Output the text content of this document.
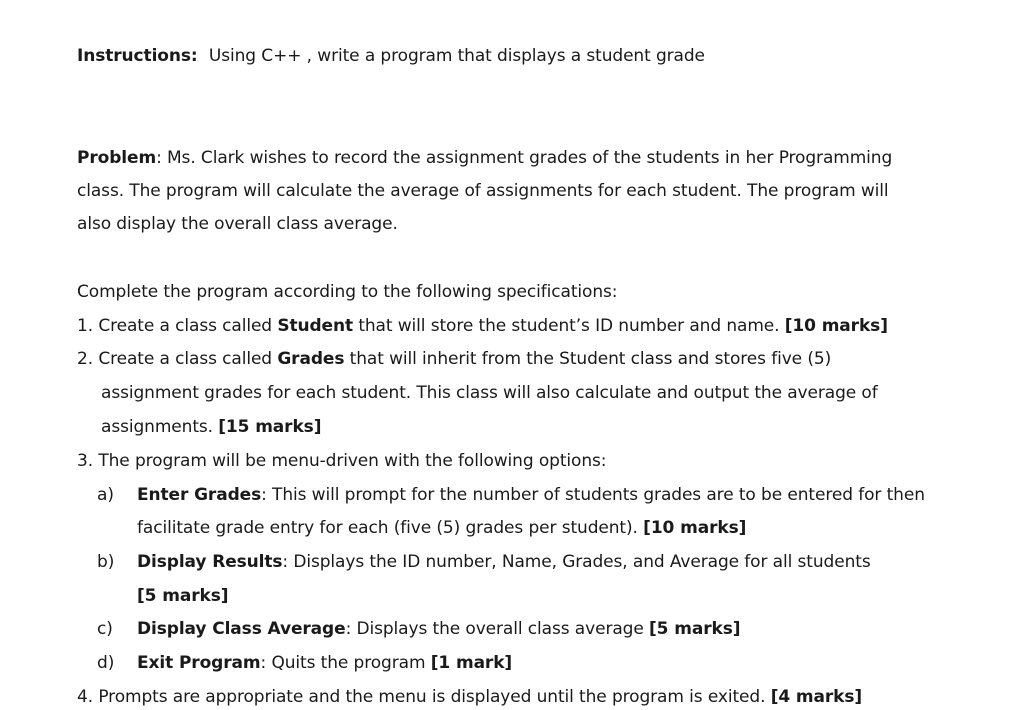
Instructions: Using C++ , write a program that displays a student grade
Problem: Ms. Clark wishes to record the assignment grades of the students in her Programming
class. The program will calculate the average of assignments for each student. The program will
also display the overall class average.
Complete the program according to the following specifications:
1. Create a class called Student that will store the student’s ID number and name. [10 marks]
2. Create a class called Grades that will inherit from the Student class and stores five (5)
assignment grades for each student. This class will also calculate and output the average of
assignments. [15 marks]
3. The program will be menu-driven with the following options:
a) Enter Grades: This will prompt for the number of students grades are to be entered for then
facilitate grade entry for each (five (5) grades per student). [10 marks]
b) Display Results: Displays the ID number, Name, Grades, and Average for all students
[5 marks]
c) Display Class Average: Displays the overall class average [5 marks]
d) Exit Program: Quits the program [1 mark]
4. Prompts are appropriate and the menu is displayed until the program is exited. [4 marks]
